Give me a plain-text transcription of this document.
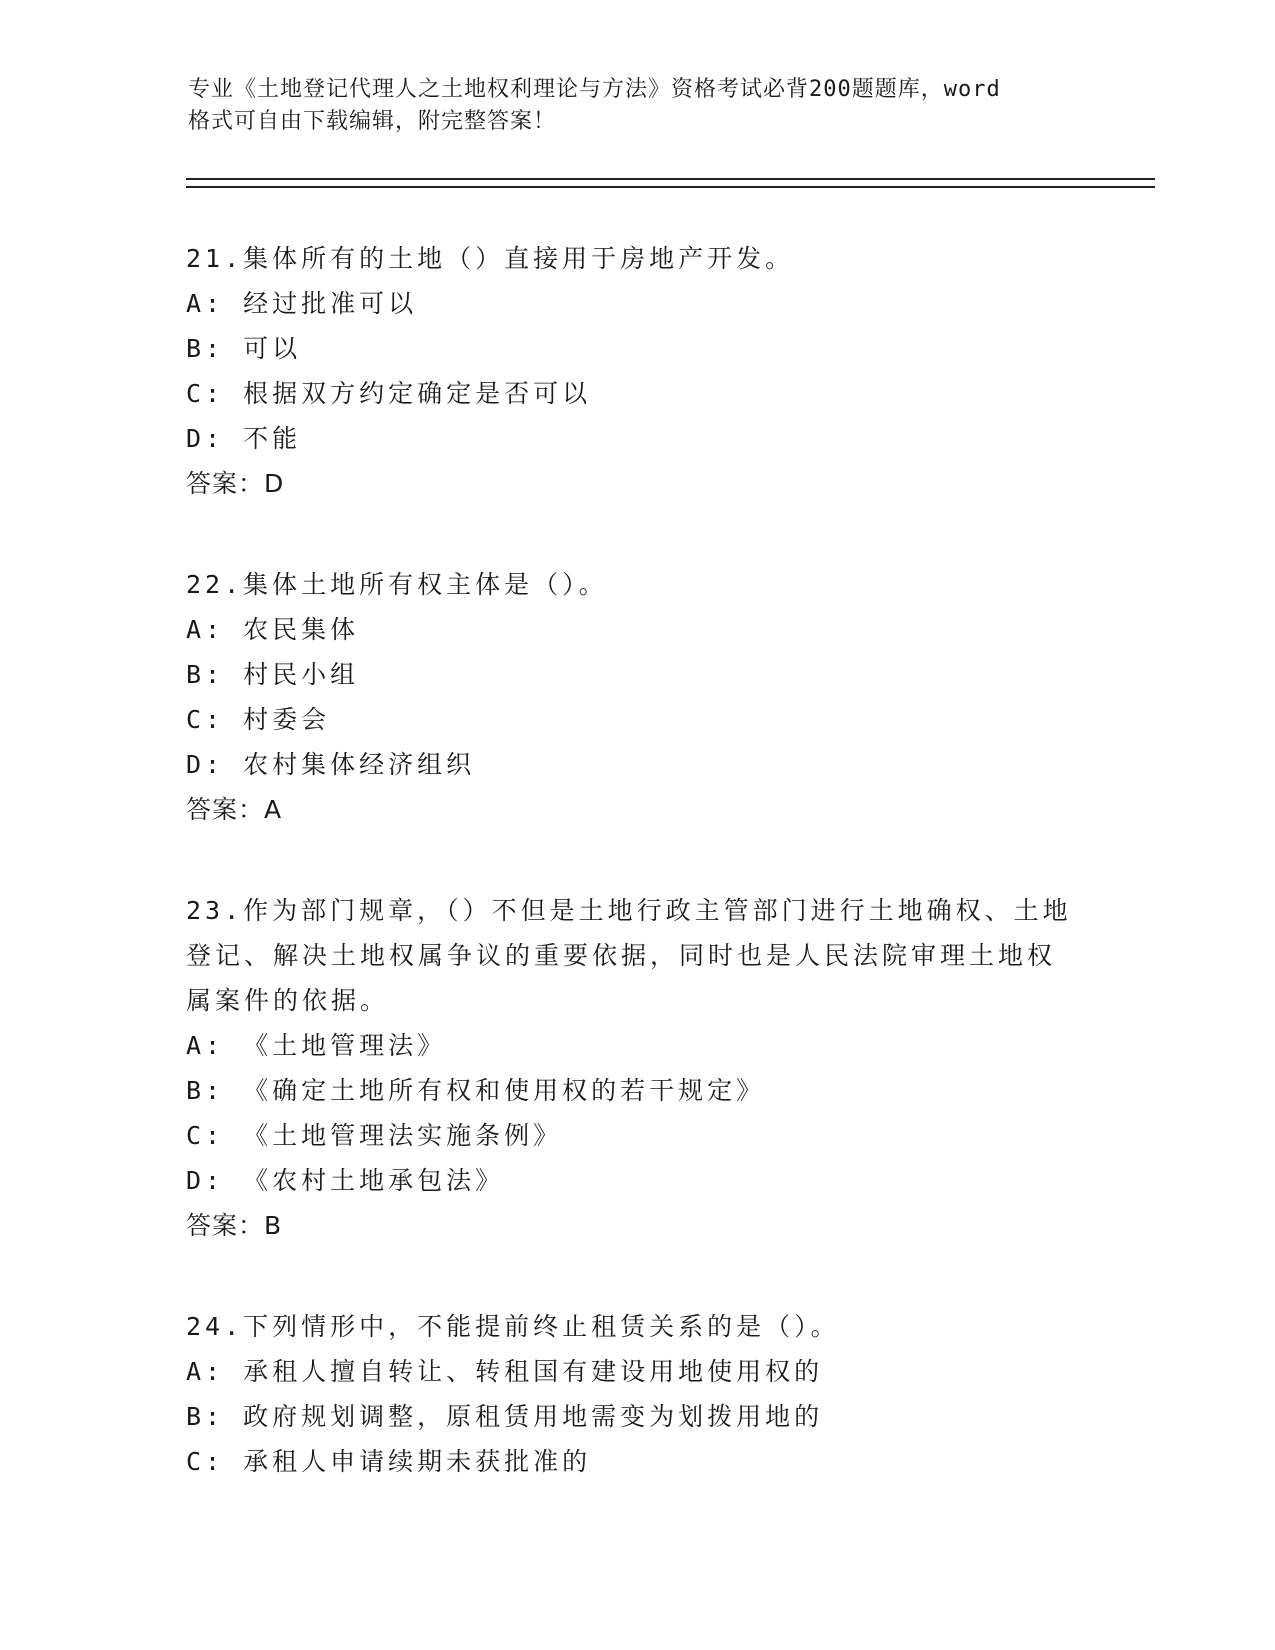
专业《土地登记代理人之土地权利理论与方法》资格考试必背200题题库，word
格式可自由下载编辑，附完整答案！
21.集体所有的土地（）直接用于房地产开发。
A: 经过批准可以
B: 可以
C: 根据双方约定确定是否可以
D: 不能
答案：D
22.集体土地所有权主体是（）。
A: 农民集体
B: 村民小组
C: 村委会
D: 农村集体经济组织
答案：A
23.作为部门规章，（）不但是土地行政主管部门进行土地确权、土地
登记、解决土地权属争议的重要依据，同时也是人民法院审理土地权
属案件的依据。
A: 《土地管理法》
B: 《确定土地所有权和使用权的若干规定》
C: 《土地管理法实施条例》
D: 《农村土地承包法》
答案：B
24.下列情形中，不能提前终止租赁关系的是（）。
A: 承租人擅自转让、转租国有建设用地使用权的
B: 政府规划调整，原租赁用地需变为划拨用地的
C: 承租人申请续期未获批准的
